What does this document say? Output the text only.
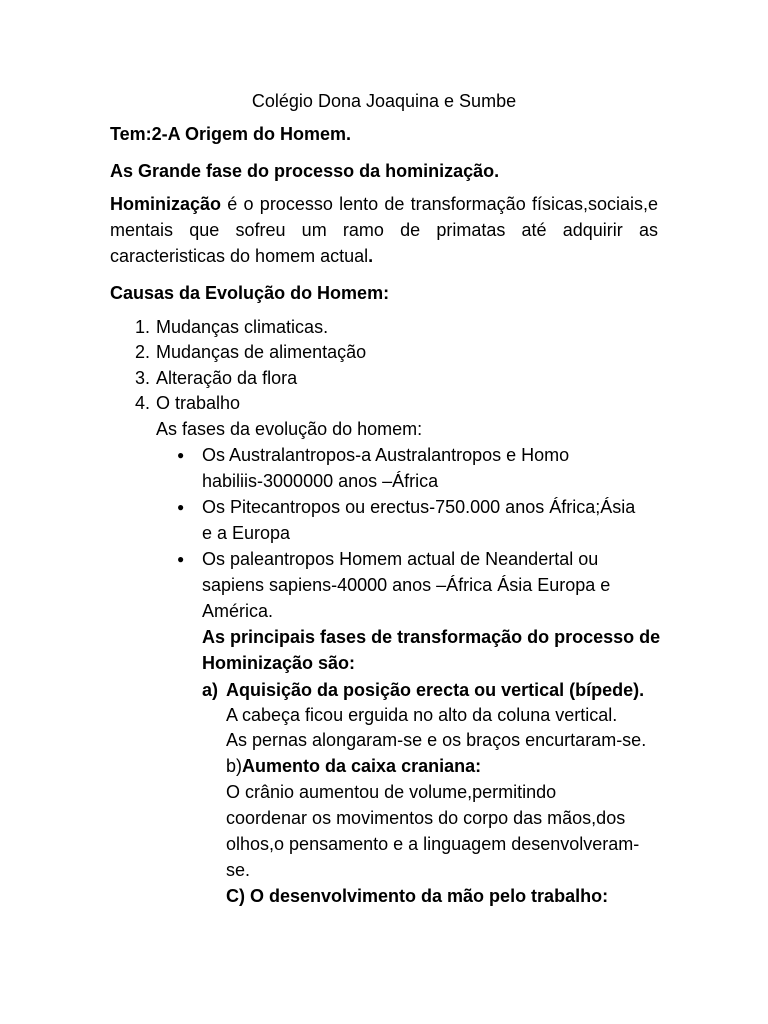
Colégio Dona Joaquina e Sumbe
Tem:2-A Origem do Homem.
As Grande fase do processo da hominização.
Hominização é o processo lento de transformação físicas,sociais,e
mentais que sofreu um ramo de primatas até adquirir as
caracteristicas do homem actual.
Causas da Evolução do Homem:
1. Mudanças climaticas.
2. Mudanças de alimentação
3. Alteração da flora
4. O trabalho
As fases da evolução do homem:
● Os Australantropos-a Australantropos e Homo
habiliis-3000000 anos –África
● Os Pitecantropos ou erectus-750.000 anos África;Ásia
e a Europa
● Os paleantropos Homem actual de Neandertal ou
sapiens sapiens-40000 anos –África Ásia Europa e
América.
As principais fases de transformação do processo de
Hominização são:
a) Aquisição da posição erecta ou vertical (bípede).
A cabeça ficou erguida no alto da coluna vertical.
As pernas alongaram-se e os braços encurtaram-se.
b)Aumento da caixa craniana:
O crânio aumentou de volume,permitindo
coordenar os movimentos do corpo das mãos,dos
olhos,o pensamento e a linguagem desenvolveram-
se.
C) O desenvolvimento da mão pelo trabalho:
